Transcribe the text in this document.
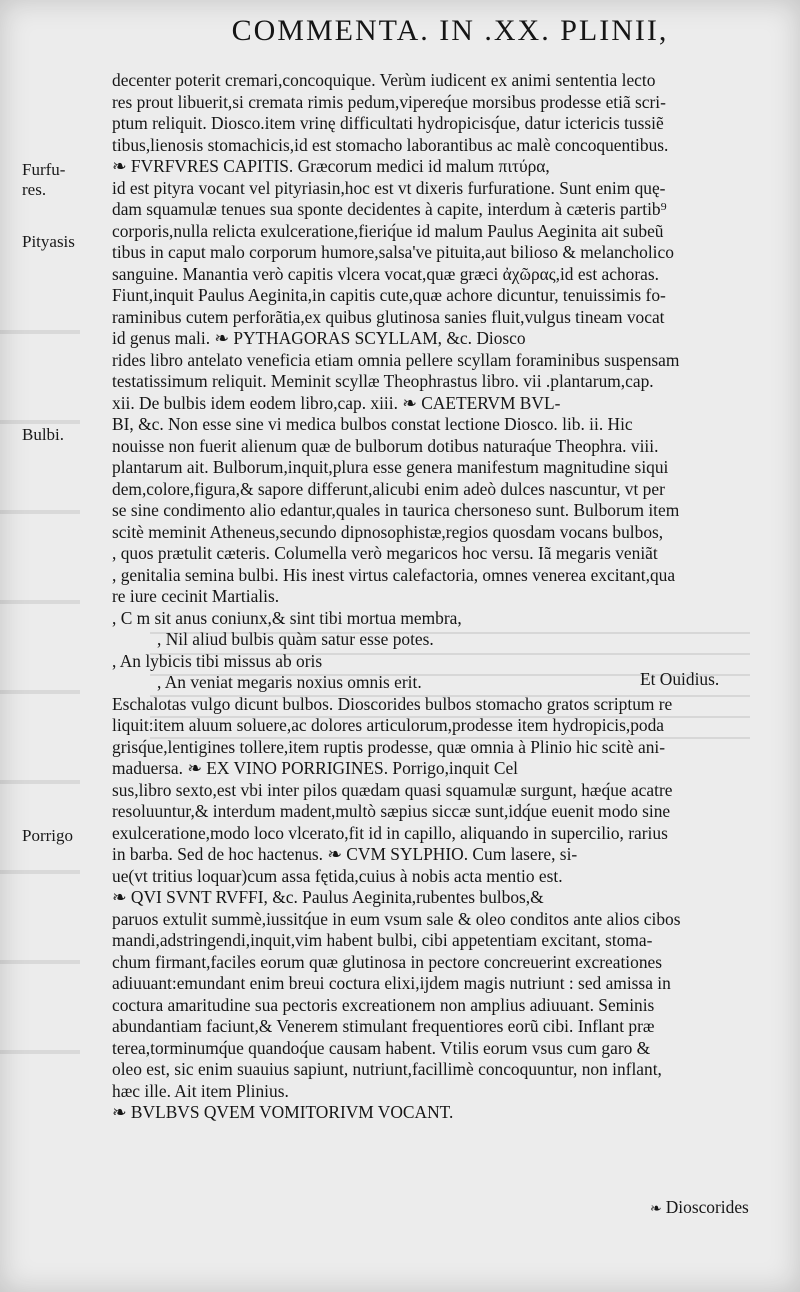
COMMENTA. IN .XX. PLINII,
Furfu-
res.
Pityasis
Bulbi.
Porrigo
decenter poterit cremari,concoquique. Verùm iudicent ex animi sententia lecto
res prout libuerit,si cremata rimis pedum,vipereq́ue morsibus prodesse etiã scri-
ptum reliquit. Diosco.item vrinę difficultati hydropicisq́ue, datur ictericis tussiẽ
tibus,lienosis stomachicis,id est stomacho laborantibus ac malè concoquentibus.
❧ FVRFVRES CAPITIS. Græcorum medici id malum πιτύρα,
id est pityra vocant vel pityriasin,hoc est vt dixeris furfuratione. Sunt enim quę-
dam squamulæ tenues sua sponte decidentes à capite, interdum à cæteris partib⁹
corporis,nulla relicta exulceratione,fieriq́ue id malum Paulus Aeginita ait subeũ
tibus in caput malo corporum humore,salsa've pituita,aut bilioso & melancholico
sanguine. Manantia verò capitis vlcera vocat,quæ græci ἀχῶρας,id est achoras.
Fiunt,inquit Paulus Aeginita,in capitis cute,quæ achore dicuntur, tenuissimis fo-
raminibus cutem perforãtia,ex quibus glutinosa sanies fluit,vulgus tineam vocat
id genus mali. ❧ PYTHAGORAS SCYLLAM, &c. Diosco
rides libro antelato veneficia etiam omnia pellere scyllam foraminibus suspensam
testatissimum reliquit. Meminit scyllæ Theophrastus libro. vii .plantarum,cap.
xii. De bulbis idem eodem libro,cap. xiii. ❧ CAETERVM BVL-
BI, &c. Non esse sine vi medica bulbos constat lectione Diosco. lib. ii. Hic
nouisse non fuerit alienum quæ de bulborum dotibus naturaq́ue Theophra. viii.
plantarum ait. Bulborum,inquit,plura esse genera manifestum magnitudine siqui
dem,colore,figura,& sapore differunt,alicubi enim adeò dulces nascuntur, vt per
se sine condimento alio edantur,quales in taurica chersoneso sunt. Bulborum item
scitè meminit Atheneus,secundo dipnosophistæ,regios quosdam vocans bulbos,
, quos prætulit cæteris. Columella verò megaricos hoc versu. Iã megaris veniãt
, genitalia semina bulbi. His inest virtus calefactoria, omnes venerea excitant,qua
re iure cecinit Martialis.
, C m sit anus coniunx,& sint tibi mortua membra,
, Nil aliud bulbis quàm satur esse potes.
, An lybicis tibi missus ab oris
, An veniat megaris noxius omnis erit.
Eschalotas vulgo dicunt bulbos. Dioscorides bulbos stomacho gratos scriptum re
liquit:item aluum soluere,ac dolores articulorum,prodesse item hydropicis,poda
grisq́ue,lentigines tollere,item ruptis prodesse, quæ omnia à Plinio hic scitè ani-
maduersa. ❧ EX VINO PORRIGINES. Porrigo,inquit Cel
sus,libro sexto,est vbi inter pilos quædam quasi squamulæ surgunt, hæq́ue acatre
resoluuntur,& interdum madent,multò sæpius siccæ sunt,idq́ue euenit modo sine
exulceratione,modo loco vlcerato,fit id in capillo, aliquando in supercilio, rarius
in barba. Sed de hoc hactenus. ❧ CVM SYLPHIO. Cum lasere, si-
ue(vt tritius loquar)cum assa fętida,cuius à nobis acta mentio est.
❧ QVI SVNT RVFFI, &c. Paulus Aeginita,rubentes bulbos,&
paruos extulit summè,iussitq́ue in eum vsum sale & oleo conditos ante alios cibos
mandi,adstringendi,inquit,vim habent bulbi, cibi appetentiam excitant, stoma-
chum firmant,faciles eorum quæ glutinosa in pectore concreuerint excreationes
adiuuant:emundant enim breui coctura elixi,ijdem magis nutriunt : sed amissa in
coctura amaritudine sua pectoris excreationem non amplius adiuuant. Seminis
abundantiam faciunt,& Venerem stimulant frequentiores eorũ cibi. Inflant præ
terea,torminumq́ue quandoq́ue causam habent. Vtilis eorum vsus cum garo &
oleo est, sic enim suauius sapiunt, nutriunt,facillimè concoquuntur, non inflant,
hæc ille. Ait item Plinius.
❧ BVLBVS QVEM VOMITORIVM VOCANT.
Et Ouidius.
❧ Dioscorides
